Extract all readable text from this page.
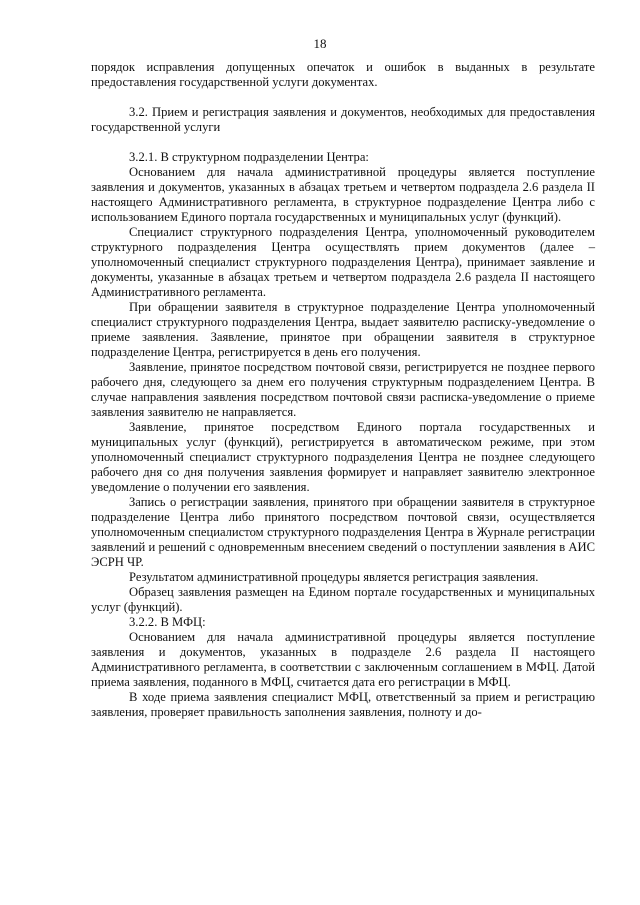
18

порядок исправления допущенных опечаток и ошибок в выданных в результате предоставления государственной услуги документах.

3.2. Прием и регистрация заявления и документов, необходимых для предоставления государственной услуги

3.2.1. В структурном подразделении Центра:

Основанием для начала административной процедуры является поступление заявления и документов, указанных в абзацах третьем и четвертом подраздела 2.6 раздела II настоящего Административного регламента, в структурное подразделение Центра либо с использованием Единого портала государственных и муниципальных услуг (функций).

Специалист структурного подразделения Центра, уполномоченный руководителем структурного подразделения Центра осуществлять прием документов (далее – уполномоченный специалист структурного подразделения Центра), принимает заявление и документы, указанные в абзацах третьем и четвертом подраздела 2.6 раздела II настоящего Административного регламента.

При обращении заявителя в структурное подразделение Центра уполномоченный специалист структурного подразделения Центра, выдает заявителю расписку-уведомление о приеме заявления. Заявление, принятое при обращении заявителя в структурное подразделение Центра, регистрируется в день его получения.

Заявление, принятое посредством почтовой связи, регистрируется не позднее первого рабочего дня, следующего за днем его получения структурным подразделением Центра. В случае направления заявления посредством почтовой связи расписка-уведомление о приеме заявления заявителю не направляется.

Заявление, принятое посредством Единого портала государственных и муниципальных услуг (функций), регистрируется в автоматическом режиме, при этом уполномоченный специалист структурного подразделения Центра не позднее следующего рабочего дня со дня получения заявления формирует и направляет заявителю электронное уведомление о получении его заявления.

Запись о регистрации заявления, принятого при обращении заявителя в структурное подразделение Центра либо принятого посредством почтовой связи, осуществляется уполномоченным специалистом структурного подразделения Центра в Журнале регистрации заявлений и решений с одновременным внесением сведений о поступлении заявления в АИС ЭСРН ЧР.

Результатом административной процедуры является регистрация заявления.

Образец заявления размещен на Едином портале государственных и муниципальных услуг (функций).

3.2.2. В МФЦ:

Основанием для начала административной процедуры является поступление заявления и документов, указанных в подразделе 2.6 раздела II настоящего Административного регламента, в соответствии с заключенным соглашением в МФЦ. Датой приема заявления, поданного в МФЦ, считается дата его регистрации в МФЦ.

В ходе приема заявления специалист МФЦ, ответственный за прием и регистрацию заявления, проверяет правильность заполнения заявления, полноту и до-
